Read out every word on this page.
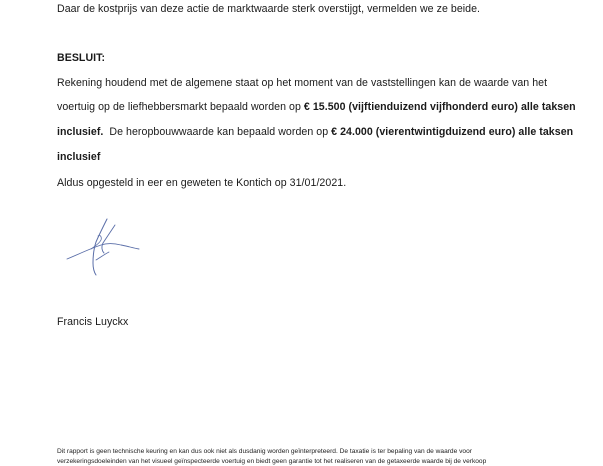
Daar de kostprijs van deze actie de marktwaarde sterk overstijgt, vermelden we ze beide.
BESLUIT:
Rekening houdend met de algemene staat op het moment van de vaststellingen kan de waarde van het
voertuig op de liefhebbersmarkt bepaald worden op € 15.500 (vijftienduizend vijfhonderd euro) alle taksen
inclusief.  De heropbouwwaarde kan bepaald worden op € 24.000 (vierentwintigduizend euro) alle taksen
inclusief
Aldus opgesteld in eer en geweten te Kontich op 31/01/2021.
Francis Luyckx
Dit rapport is geen technische keuring en kan dus ook niet als dusdanig worden geïnterpreteerd. De taxatie is ter bepaling van de waarde voor
verzekeringsdoeleinden van het visueel geïnspecteerde voertuig en biedt geen garantie tot het realiseren van de getaxeerde waarde bij de verkoop
